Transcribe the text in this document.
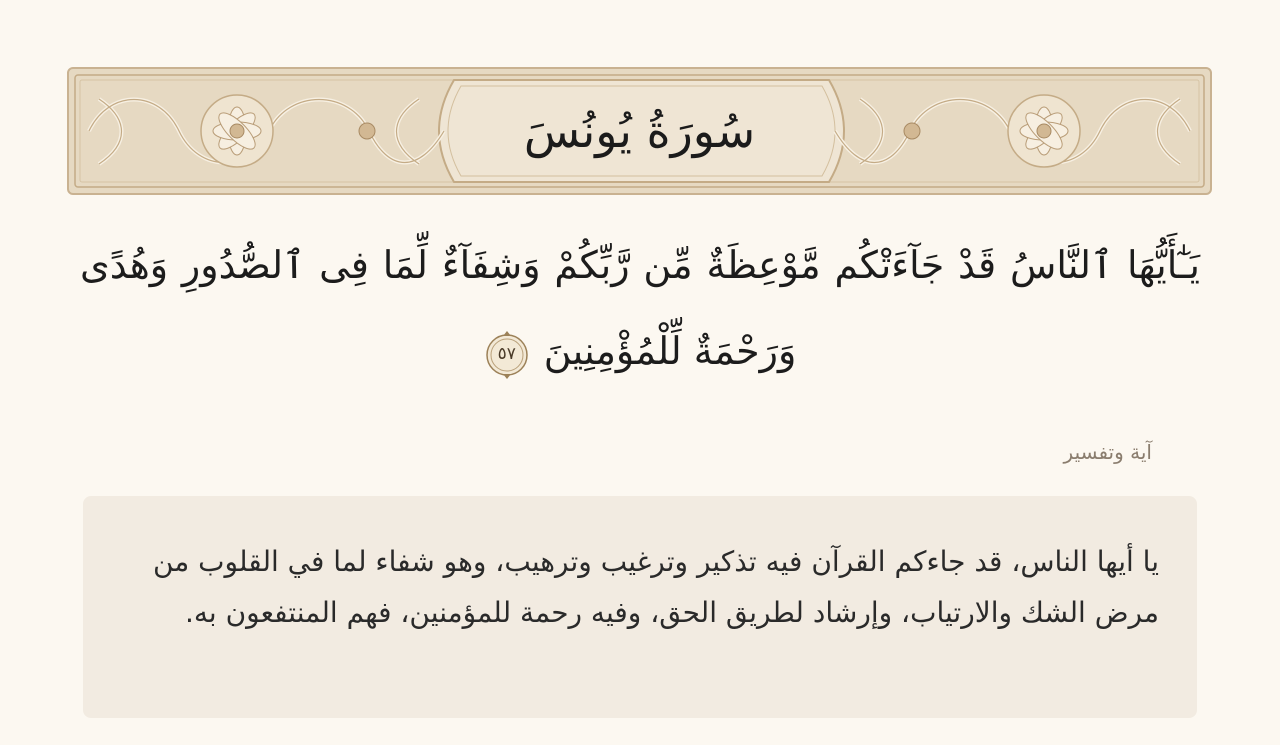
سُورَةُ يُونُسَ
يَـٰٓأَيُّهَا ٱلنَّاسُ قَدْ جَآءَتْكُم مَّوْعِظَةٌ مِّن رَّبِّكُمْ وَشِفَآءٌ لِّمَا فِى ٱلصُّدُورِ وَهُدًى
وَرَحْمَةٌ لِّلْمُؤْمِنِينَ
٥٧
آية وتفسير

يا أيها الناس، قد جاءكم القرآن فيه تذكير وترغيب وترهيب، وهو شفاء لما في القلوب من مرض الشك والارتياب، وإرشاد لطريق الحق، وفيه رحمة للمؤمنين، فهم المنتفعون به.
